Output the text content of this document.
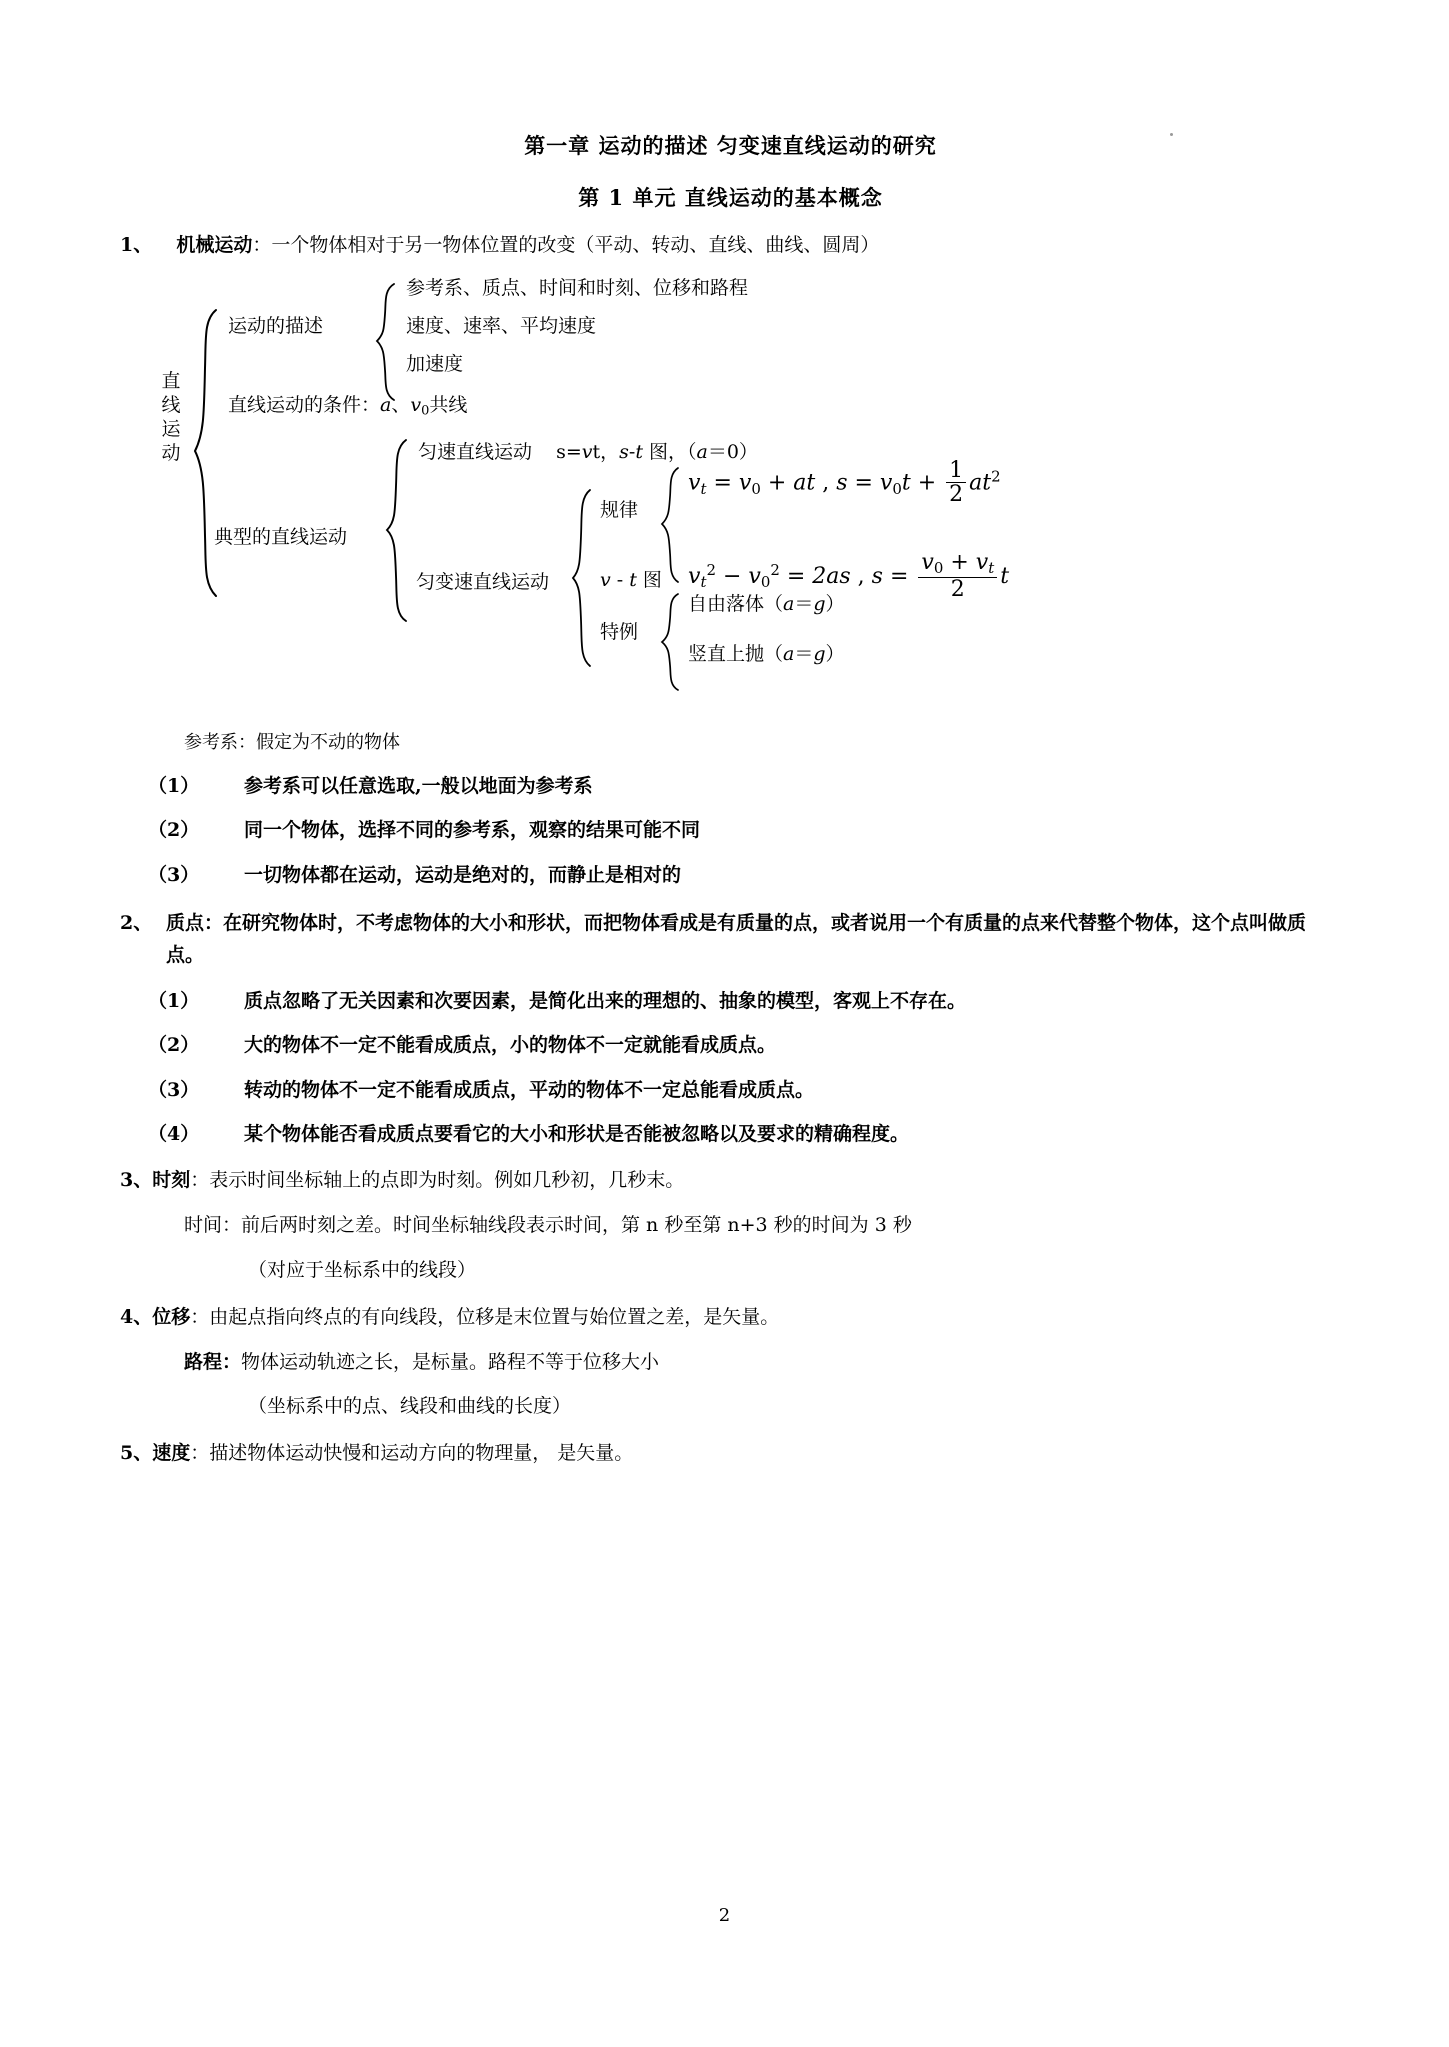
第一章 运动的描述 匀变速直线运动的研究
第 1 单元 直线运动的基本概念
1、 机械运动：一个物体相对于另一物体位置的改变（平动、转动、直线、曲线、圆周）
直
线
运
动
运动的描述
参考系、质点、时间和时刻、位移和路程
速度、速率、平均速度
加速度
直线运动的条件：a、$v_0$共线
典型的直线运动
匀速直线运动 s=vt，s-t 图，（a＝0）
匀变速直线运动
规律
vt = $v_0$ + at , $s = v_0t + \frac{1}{2} at^2$
$vt^2 - v_0^2 = 2as$ , $s = \frac{v_0 + vt}{2}$ t
v - t 图
特例
自由落体（a＝g）
竖直上抛（a＝g）
参考系：假定为不动的物体
（1）	参考系可以任意选取,一般以地面为参考系
（2）	同一个物体，选择不同的参考系，观察的结果可能不同
（3）	一切物体都在运动，运动是绝对的，而静止是相对的
2、 质点：在研究物体时，不考虑物体的大小和形状，而把物体看成是有质量的点，或者说用一个有质量的点来代替整个物体，这个点叫做质点。
（1）	质点忽略了无关因素和次要因素，是简化出来的理想的、抽象的模型，客观上不存在。
（2）	大的物体不一定不能看成质点，小的物体不一定就能看成质点。
（3）	转动的物体不一定不能看成质点，平动的物体不一定总能看成质点。
（4）	某个物体能否看成质点要看它的大小和形状是否能被忽略以及要求的精确程度。
3、时刻：表示时间坐标轴上的点即为时刻。例如几秒初，几秒末。
时间：前后两时刻之差。时间坐标轴线段表示时间，第 n 秒至第 n+3 秒的时间为 3 秒
（对应于坐标系中的线段）
4、位移：由起点指向终点的有向线段，位移是末位置与始位置之差，是矢量。
路程：物体运动轨迹之长，是标量。路程不等于位移大小
（坐标系中的点、线段和曲线的长度）
5、速度：描述物体运动快慢和运动方向的物理量， 是矢量。
2
